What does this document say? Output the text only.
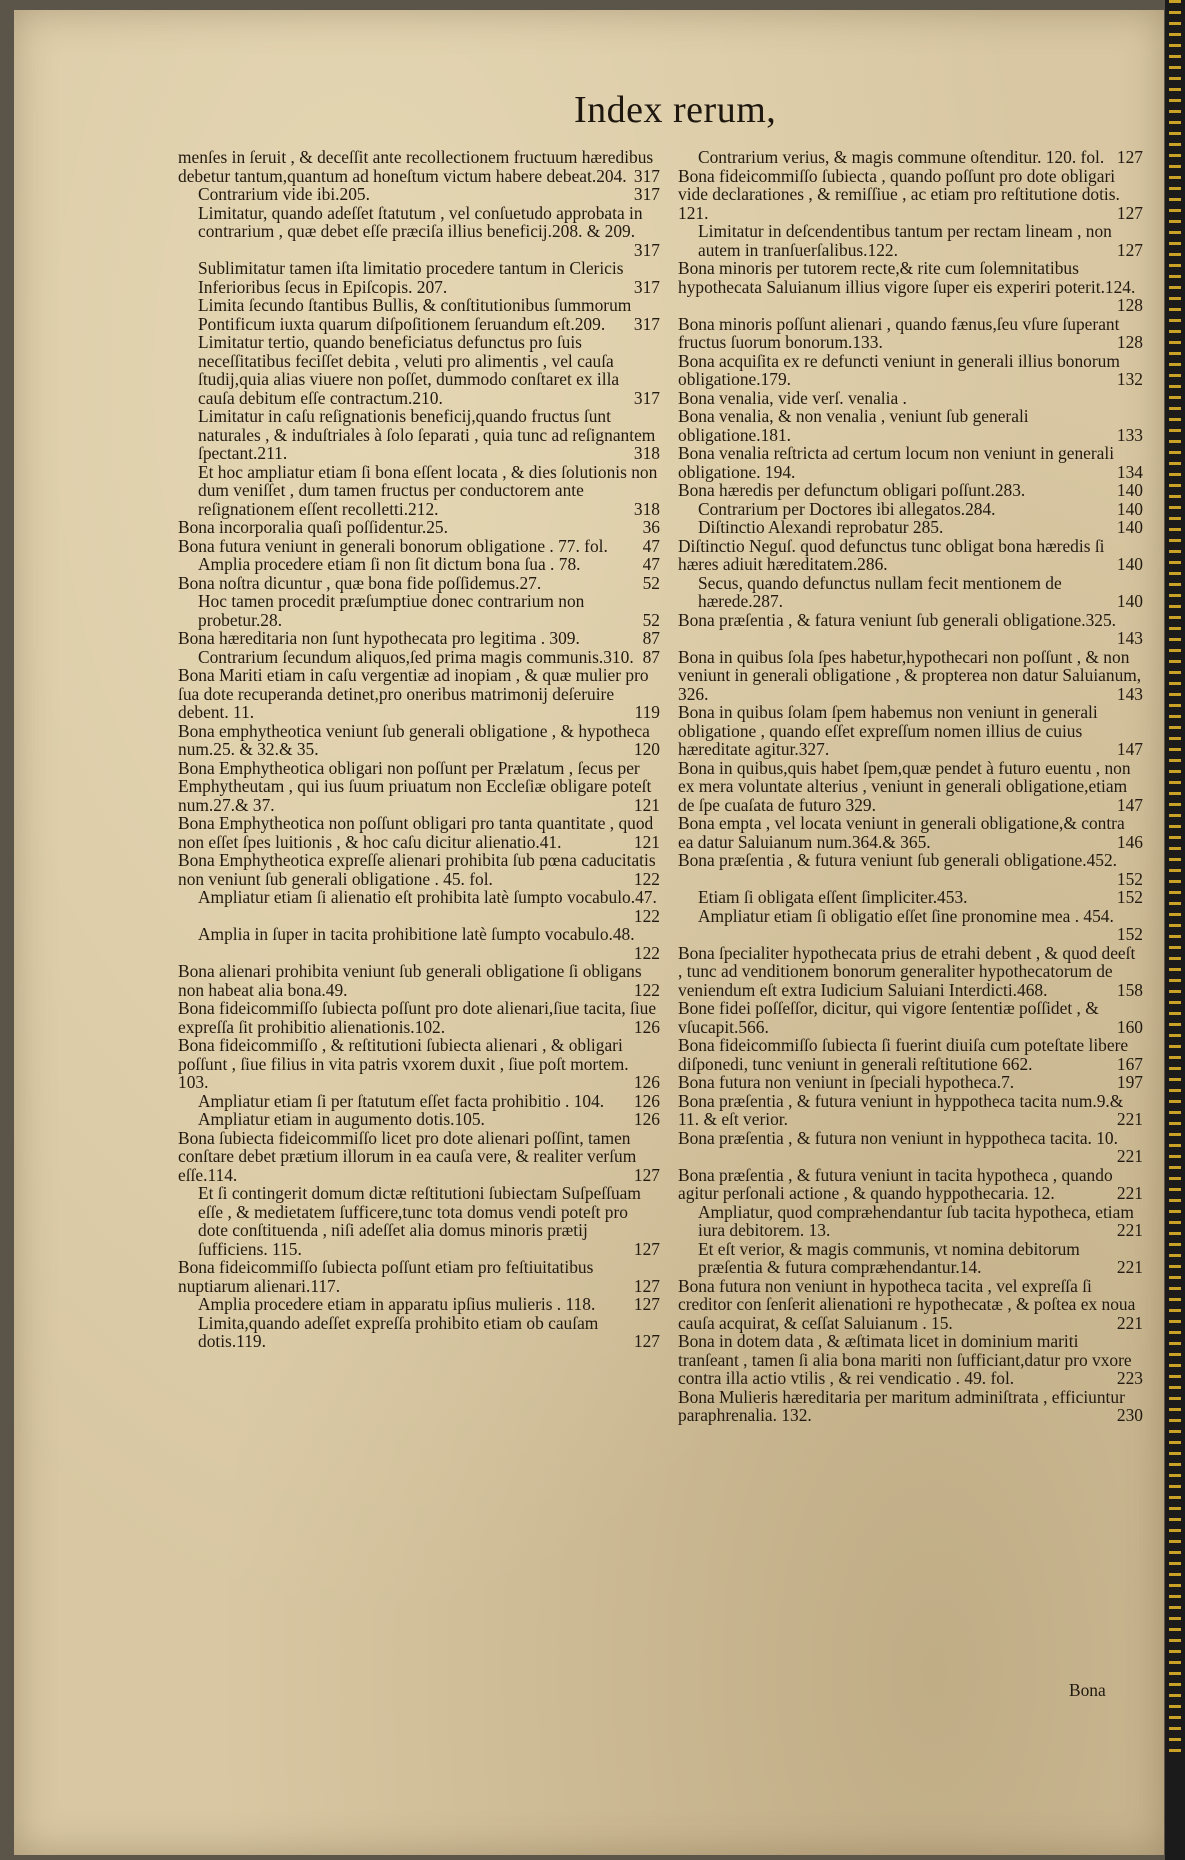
Index rerum,

menſes in ſeruit , & deceſſit ante recollectionem fructuum hæredibus debetur tantum,quantum ad honeſtum victum habere debeat.204. 317

Contrarium vide ibi.205.	317

Limitatur, quando adeſſet ſtatutum , vel conſuetudo approbata in contrarium , quæ debet eſſe præciſa illius beneficij.208. & 209.
317

Sublimitatur tamen iſta limitatio procedere tantum in Clericis Inferioribus ſecus in Epiſcopis. 207.	317

Limita ſecundo ſtantibus Bullis, & conſtitutionibus ſummorum Pontificum iuxta quarum diſpoſitionem ſeruandum eſt.209.	317

Limitatur tertio, quando beneficiatus defunctus pro ſuis neceſſitatibus feciſſet debita , veluti pro alimentis , vel cauſa ſtudij,quia alias viuere non poſſet, dummodo conſtaret ex illa cauſa debitum eſſe contractum.210.	317

Limitatur in caſu reſignationis beneficij,quando fructus ſunt naturales , & induſtriales à ſolo ſeparati , quia tunc ad reſignantem ſpectant.211.	318

Et hoc ampliatur etiam ſi bona eſſent locata , & dies ſolutionis non dum veniſſet , dum tamen fructus per conductorem ante reſignationem eſſent recolletti.212.	318

Bona incorporalia quaſi poſſidentur.25.	36

Bona futura veniunt in generali bonorum obligatione . 77. fol.	47

Amplia procedere etiam ſi non ſit dictum bona ſua . 78.	47

Bona noſtra dicuntur , quæ bona fide poſſidemus.27.	52

Hoc tamen procedit præſumptiue donec contrarium non probetur.28.	52

Bona hæreditaria non ſunt hypothecata pro legitima . 309.	87

Contrarium ſecundum aliquos,ſed prima magis communis.310. 87

Bona Mariti etiam in caſu vergentiæ ad inopiam , & quæ mulier pro ſua dote recuperanda detinet,pro oneribus matrimonij deſeruire debent. 11.	119

Bona emphytheotica veniunt ſub generali obligatione , & hypotheca num.25. & 32.& 35.	120

Bona Emphytheotica obligari non poſſunt per Prælatum , ſecus per Emphytheutam , qui ius ſuum priuatum non Eccleſiæ obligare poteſt num.27.& 37.	121

Bona Emphytheotica non poſſunt obligari pro tanta quantitate , quod non eſſet ſpes luitionis , & hoc caſu dicitur alienatio.41.	121

Bona Emphytheotica expreſſe alienari prohibita ſub pœna caducitatis non veniunt ſub generali obligatione . 45. fol.	122

Ampliatur etiam ſi alienatio eſt prohibita latè ſumpto vocabulo.47.
122

Amplia in ſuper in tacita prohibitione latè ſumpto vocabulo.48.
122

Bona alienari prohibita veniunt ſub generali obligatione ſi obligans non habeat alia bona.49.	122

Bona fideicommiſſo ſubiecta poſſunt pro dote alienari,ſiue tacita, ſiue expreſſa ſit prohibitio alienationis.102.	126

Bona fideicommiſſo , & reſtitutioni ſubiecta alienari , & obligari poſſunt , ſiue filius in vita patris vxorem duxit , ſiue poſt mortem. 103.	126

Ampliatur etiam ſi per ſtatutum eſſet facta prohibitio . 104.	126

Ampliatur etiam in augumento dotis.105.	126

Bona ſubiecta fideicommiſſo licet pro dote alienari poſſint, tamen conſtare debet prætium illorum in ea cauſa vere, & realiter verſum eſſe.114.	127

Et ſi contingerit domum dictæ reſtitutioni ſubiectam Suſpeſſuam eſſe , & medietatem ſufficere,tunc tota domus vendi poteſt pro dote conſtituenda , niſi adeſſet alia domus minoris prætij ſufficiens. 115.	127

Bona fideicommiſſo ſubiecta poſſunt etiam pro feſtiuitatibus nuptiarum alienari.117.	127

Amplia procedere etiam in apparatu ipſius mulieris . 118.	127

Limita,quando adeſſet expreſſa prohibito etiam ob cauſam dotis.119.	127

Contrarium verius, & magis commune oſtenditur. 120. fol. 127

Bona fideicommiſſo ſubiecta , quando poſſunt pro dote obligari vide declarationes , & remiſſiue , ac etiam pro reſtitutione dotis. 121.	127

Limitatur in deſcendentibus tantum per rectam lineam , non autem in tranſuerſalibus.122.	127

Bona minoris per tutorem recte,& rite cum ſolemnitatibus hypothecata Saluianum illius vigore ſuper eis experiri poterit.124.
128

Bona minoris poſſunt alienari , quando fænus,ſeu vſure ſuperant fructus ſuorum bonorum.133.	128

Bona acquiſita ex re defuncti veniunt in generali illius bonorum obligatione.179.	132

Bona venalia, vide verſ. venalia .

Bona venalia, & non venalia , veniunt ſub generali obligatione.181.	133

Bona venalia reſtricta ad certum locum non veniunt in generali obligatione. 194.	134

Bona hæredis per defunctum obligari poſſunt.283.	140

Contrarium per Doctores ibi allegatos.284.	140

Diſtinctio Alexandi reprobatur 285.	140

Diſtinctio Neguſ. quod defunctus tunc obligat bona hæredis ſi hæres adiuit hæreditatem.286.	140

Secus, quando defunctus nullam fecit mentionem de hærede.287.	140

Bona præſentia , & fatura veniunt ſub generali obligatione.325.
143

Bona in quibus ſola ſpes habetur,hypothecari non poſſunt , & non veniunt in generali obligatione , & propterea non datur Saluianum, 326.	143

Bona in quibus ſolam ſpem habemus non veniunt in generali obligatione , quando eſſet expreſſum nomen illius de cuius hæreditate agitur.327.	147

Bona in quibus,quis habet ſpem,quæ pendet à futuro euentu , non ex mera voluntate alterius , veniunt in generali obligatione,etiam de ſpe cuaſata de futuro 329.	147

Bona empta , vel locata veniunt in generali obligatione,& contra ea datur Saluianum num.364.& 365.	146

Bona præſentia , & futura veniunt ſub generali obligatione.452.
152

Etiam ſi obligata eſſent ſimpliciter.453.	152

Ampliatur etiam ſi obligatio eſſet ſine pronomine mea . 454.
152

Bona ſpecialiter hypothecata prius de etrahi debent , & quod deeſt , tunc ad venditionem bonorum generaliter hypothecatorum de veniendum eſt extra Iudicium Saluiani Interdicti.468.	158

Bone fidei poſſeſſor, dicitur, qui vigore ſententiæ poſſidet , & vſucapit.566.	160

Bona fideicommiſſo ſubiecta ſi fuerint diuiſa cum poteſtate libere diſponedi, tunc veniunt in generali reſtitutione 662.	167

Bona futura non veniunt in ſpeciali hypotheca.7.	197

Bona præſentia , & futura veniunt in hyppotheca tacita num.9.& 11. & eſt verior.	221

Bona præſentia , & futura non veniunt in hyppotheca tacita. 10.
221

Bona præſentia , & futura veniunt in tacita hypotheca , quando agitur perſonali actione , & quando hyppothecaria. 12.	221

Ampliatur, quod compræhendantur ſub tacita hypotheca, etiam iura debitorem. 13.	221

Et eſt verior, & magis communis, vt nomina debitorum præſentia & futura compræhendantur.14.	221

Bona futura non veniunt in hypotheca tacita , vel expreſſa ſi creditor con ſenſerit alienationi re hypothecatæ , & poſtea ex noua cauſa acquirat, & ceſſat Saluianum . 15.	221

Bona in dotem data , & æſtimata licet in dominium mariti tranſeant , tamen ſi alia bona mariti non ſufficiant,datur pro vxore contra illa actio vtilis , & rei vendicatio . 49. fol.	223

Bona Mulieris hæreditaria per maritum adminiſtrata , efficiuntur paraphrenalia. 132.	230

Bona
